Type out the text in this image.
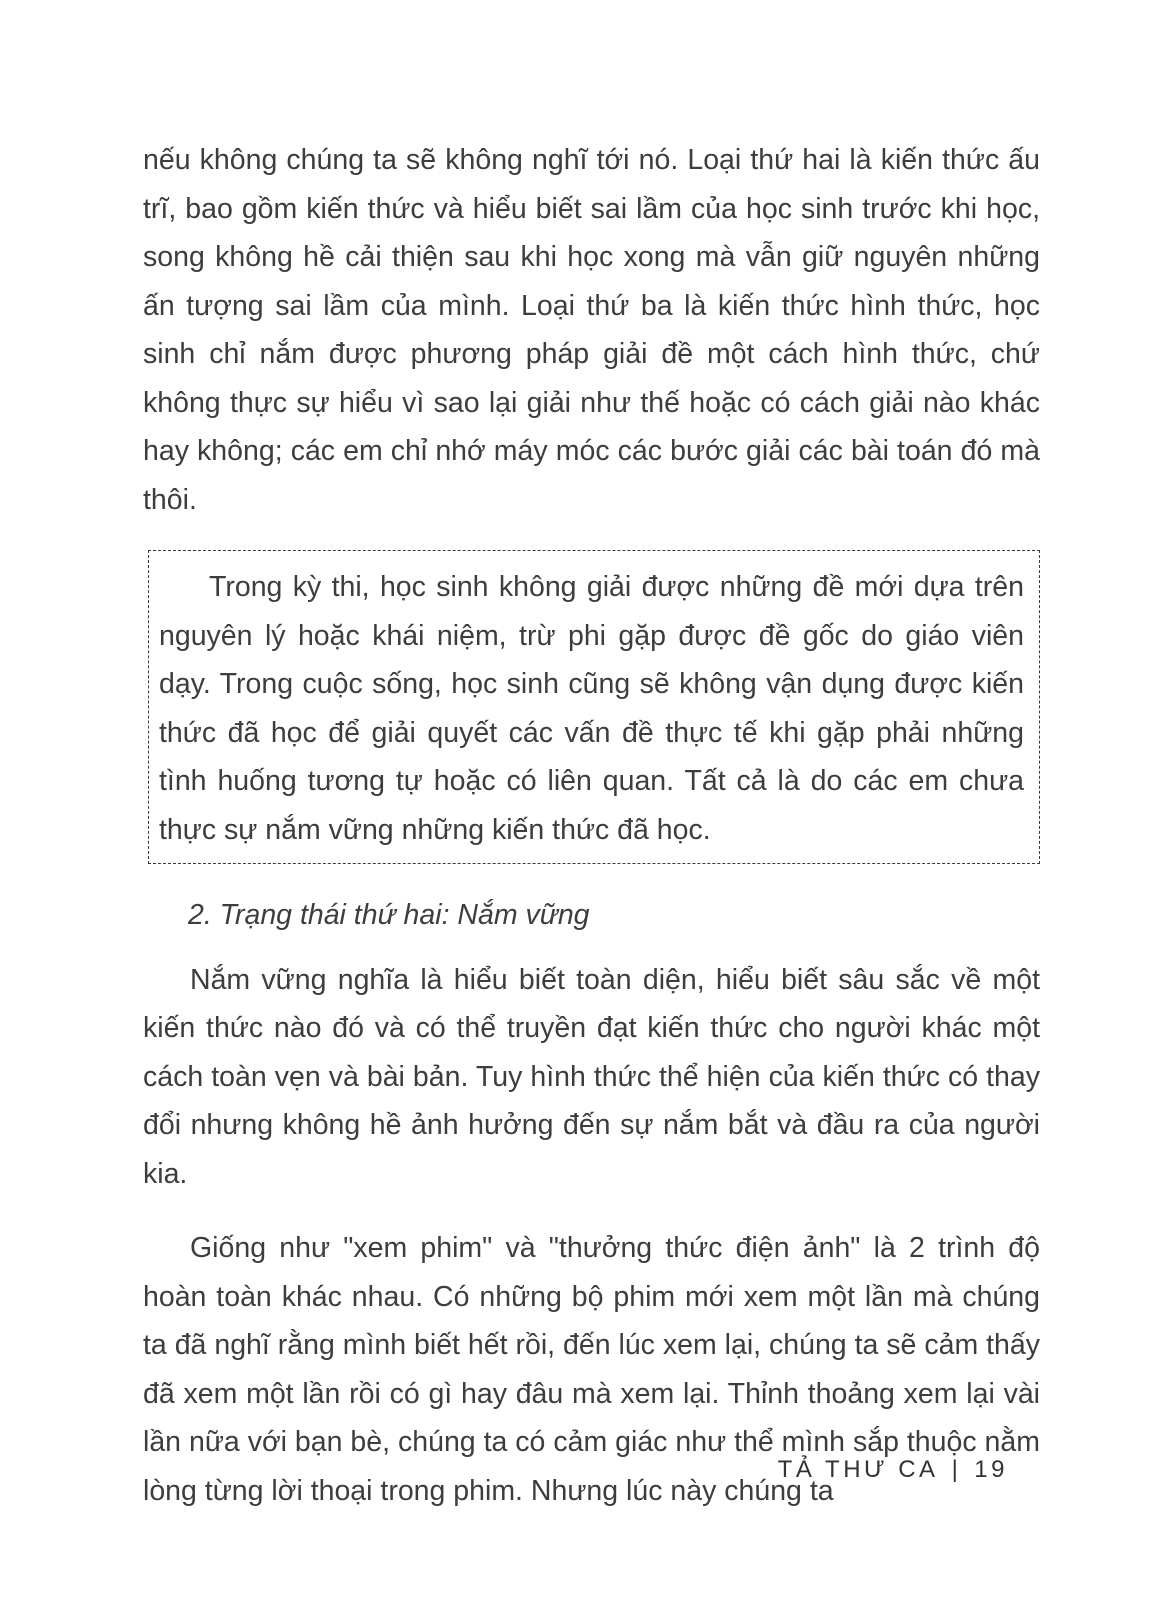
nếu không chúng ta sẽ không nghĩ tới nó. Loại thứ hai là kiến thức ấu trĩ, bao gồm kiến thức và hiểu biết sai lầm của học sinh trước khi học, song không hề cải thiện sau khi học xong mà vẫn giữ nguyên những ấn tượng sai lầm của mình. Loại thứ ba là kiến thức hình thức, học sinh chỉ nắm được phương pháp giải đề một cách hình thức, chứ không thực sự hiểu vì sao lại giải như thế hoặc có cách giải nào khác hay không; các em chỉ nhớ máy móc các bước giải các bài toán đó mà thôi.

Trong kỳ thi, học sinh không giải được những đề mới dựa trên nguyên lý hoặc khái niệm, trừ phi gặp được đề gốc do giáo viên dạy. Trong cuộc sống, học sinh cũng sẽ không vận dụng được kiến thức đã học để giải quyết các vấn đề thực tế khi gặp phải những tình huống tương tự hoặc có liên quan. Tất cả là do các em chưa thực sự nắm vững những kiến thức đã học.

2. Trạng thái thứ hai: Nắm vững

Nắm vững nghĩa là hiểu biết toàn diện, hiểu biết sâu sắc về một kiến thức nào đó và có thể truyền đạt kiến thức cho người khác một cách toàn vẹn và bài bản. Tuy hình thức thể hiện của kiến thức có thay đổi nhưng không hề ảnh hưởng đến sự nắm bắt và đầu ra của người kia.

Giống như "xem phim" và "thưởng thức điện ảnh" là 2 trình độ hoàn toàn khác nhau. Có những bộ phim mới xem một lần mà chúng ta đã nghĩ rằng mình biết hết rồi, đến lúc xem lại, chúng ta sẽ cảm thấy đã xem một lần rồi có gì hay đâu mà xem lại. Thỉnh thoảng xem lại vài lần nữa với bạn bè, chúng ta có cảm giác như thể mình sắp thuộc nằm lòng từng lời thoại trong phim. Nhưng lúc này chúng ta

TẢ THƯ CA | 19
